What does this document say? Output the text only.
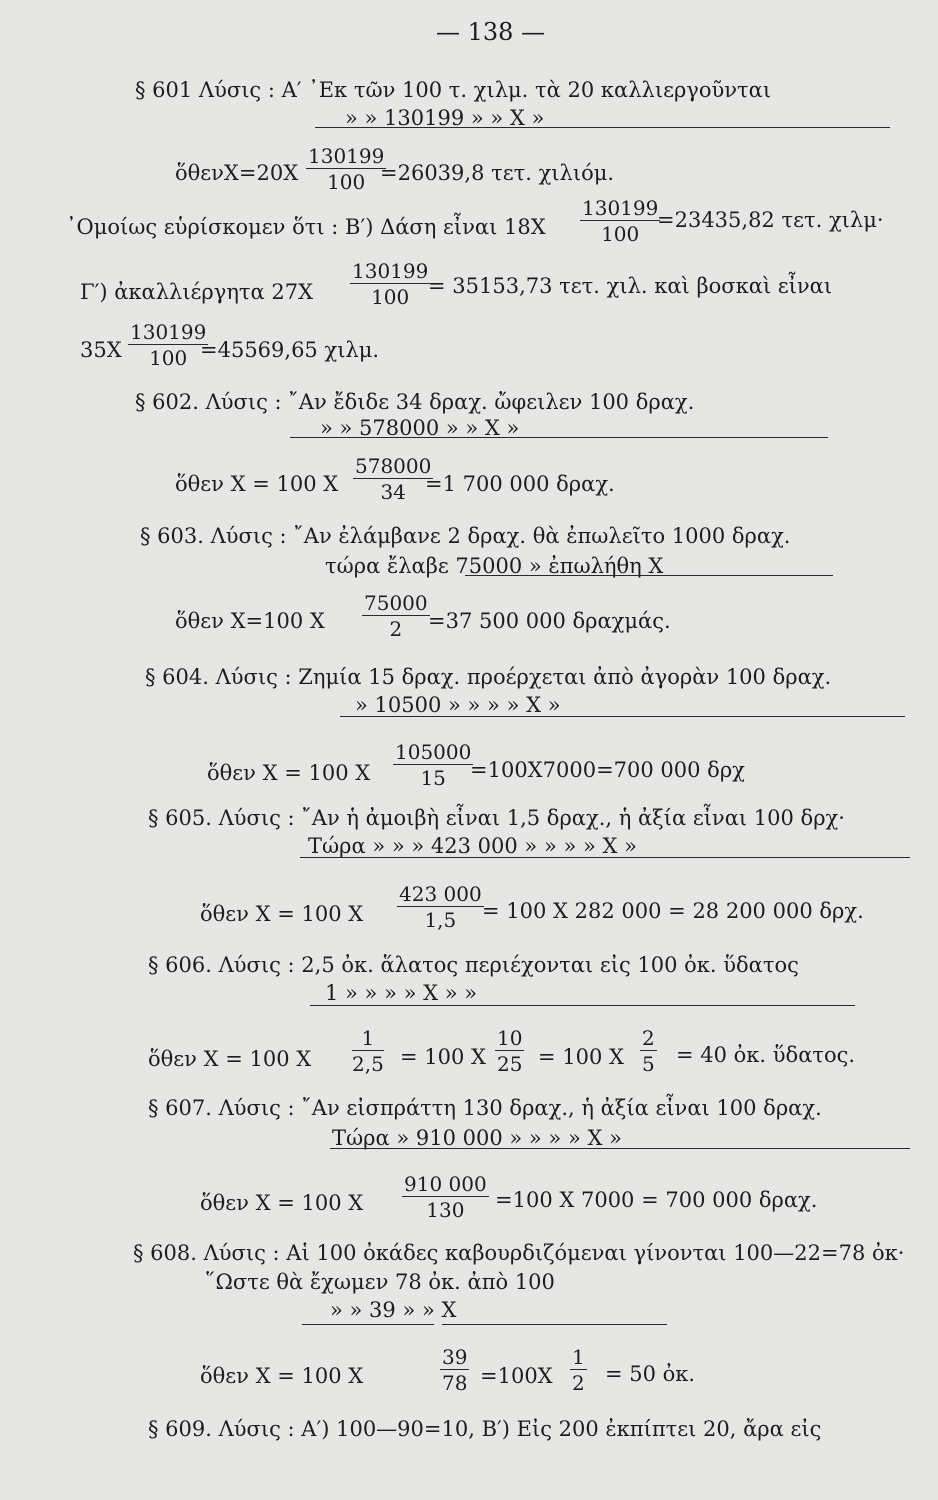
— 138 —
§ 601 Λύσις : Α′ ᾿Εκ τῶν 100 τ. χιλμ. τὰ 20 καλλιεργοῦνται
» » 130199 » » X »
ὅθενX=20X $\frac{130199}{100}$
=26039,8 τετ. χιλιόμ.
᾿Ομοίως εὑρίσκομεν ὅτι : Β′) Δάση εἶναι $18X \frac{130199}{100}$
=23435,82 τετ. χιλμ·
Γ′) ἀκαλλιέργητα $27X \frac{130199}{100}$
= 35153,73 τετ. χιλ. καὶ βοσκαὶ εἶναι
$35X \frac{130199}{100}$
=45569,65 χιλμ.
§ 602. Λύσις : ῎Αν ἔδιδε 34 δραχ. ὤφειλεν 100 δραχ.
» » 578000 » » X »
ὅθεν X = 100 X $\frac{578000}{34}$
=1 700 000 δραχ.
§ 603. Λύσις : ῎Αν ἐλάμβανε 2 δραχ. θὰ ἐπωλεῖτο 1000 δραχ.
τώρα ἔλαβε 75000 » ἐπωλήθη X
ὅθεν X=100 X $\frac{75000}{2}$
=37 500 000 δραχμάς.
§ 604. Λύσις : Ζημία 15 δραχ. προέρχεται ἀπὸ ἀγορὰν 100 δραχ.
» 10500 » » » » X »
ὅθεν X = 100 X $\frac{105000}{15}$
=100X7000=700 000 δρχ
§ 605. Λύσις : ῎Αν ἡ ἀμοιβὴ εἶναι 1,5 δραχ., ἡ ἀξία εἶναι 100 δρχ·
Τώρα » » » 423 000 » » » » X »
ὅθεν X = 100 X $\frac{423 000}{1,5}$
= 100 X 282 000 = 28 200 000 δρχ.
§ 606. Λύσις : 2,5 ὀκ. ἅλατος περιέχονται εἰς 100 ὀκ. ὕδατος
1 » » » » X » »
ὅθεν X = 100 X $\frac{1}{2,5} = 100$ X $\frac{10}{25} = 100$ X $\frac{2}{5} = 40$ ὀκ. ὕδατος.
§ 607. Λύσις : ῎Αν εἰσπράττη 130 δραχ., ἡ ἀξία εἶναι 100 δραχ.
Τώρα » 910 000 » » » » X »
ὅθεν X = 100 X $\frac{910 000}{130} =100$ X 7000 = 700 000 δραχ.
§ 608. Λύσις : Αἱ 100 ὀκάδες καβουρδιζόμεναι γίνονται 100—22=78 ὀκ·
῞Ωστε θὰ ἔχωμεν 78 ὀκ. ἀπὸ 100
» » 39 » » X
ὅθεν X = 100 X	$\frac{39}{78} =100X \frac{1}{2} = 50$ ὀκ.
§ 609. Λύσις : Α′) 100—90=10, Β′) Εἰς 200 ἐκπίπτει 20, ἄρα εἰς
